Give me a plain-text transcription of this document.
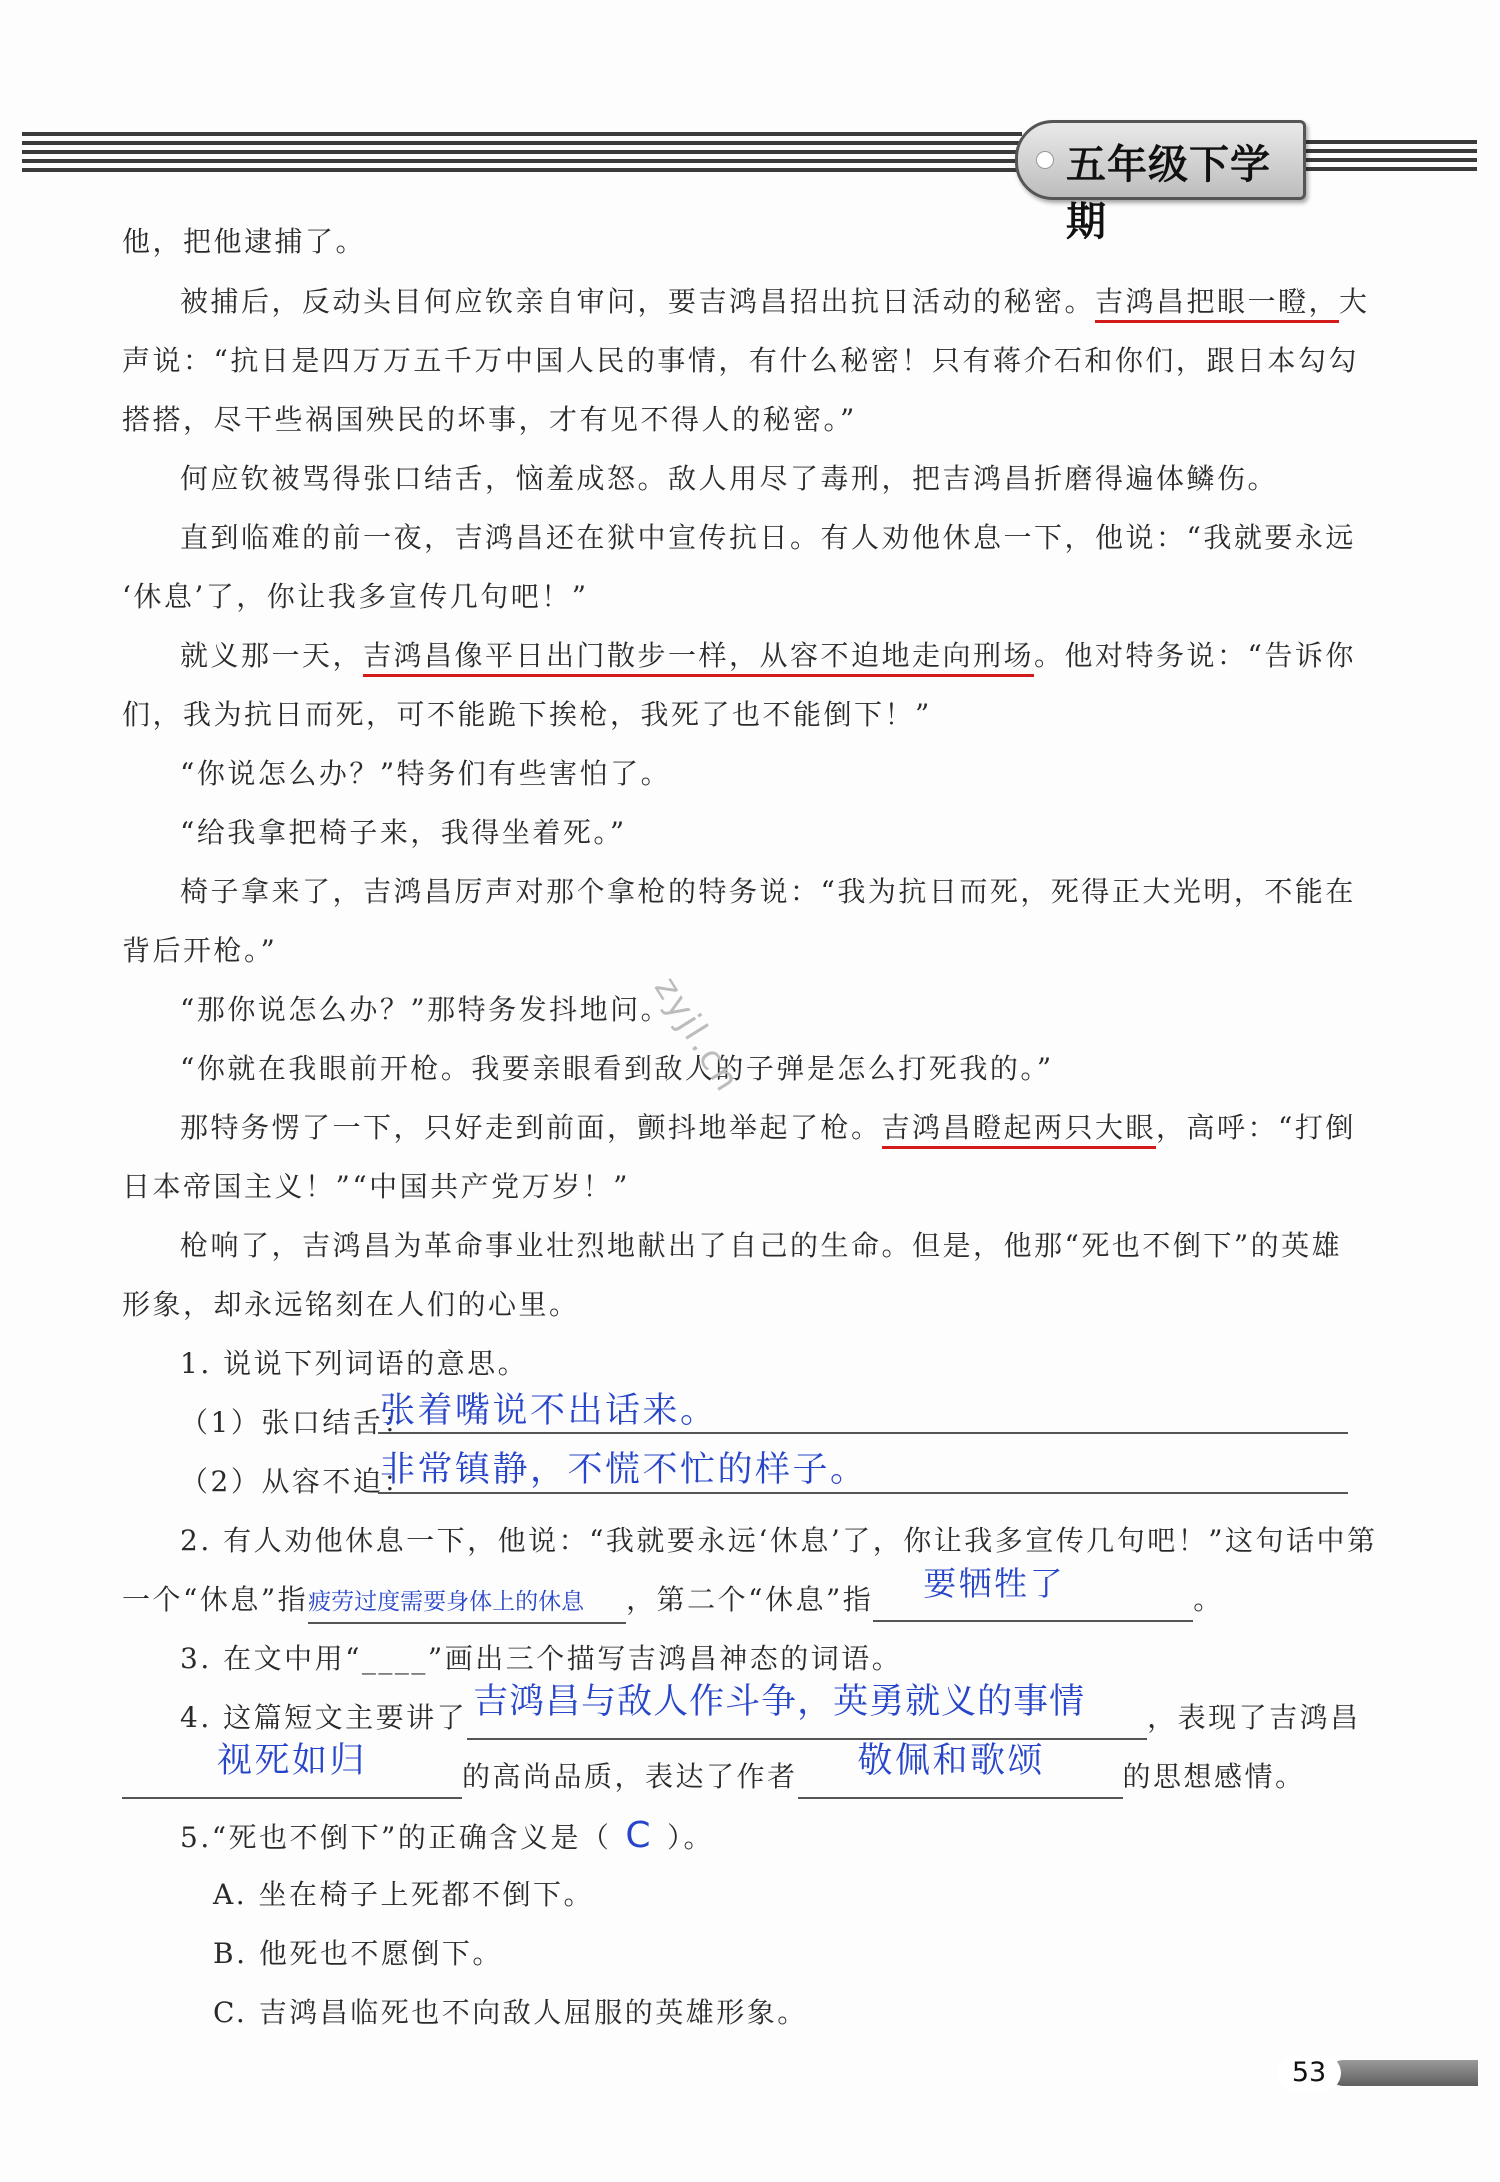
五年级下学期
他，把他逮捕了。
被捕后，反动头目何应钦亲自审问，要吉鸿昌招出抗日活动的秘密。吉鸿昌把眼一瞪，大
声说：“抗日是四万万五千万中国人民的事情，有什么秘密！只有蒋介石和你们，跟日本勾勾
搭搭，尽干些祸国殃民的坏事，才有见不得人的秘密。”
何应钦被骂得张口结舌，恼羞成怒。敌人用尽了毒刑，把吉鸿昌折磨得遍体鳞伤。
直到临难的前一夜，吉鸿昌还在狱中宣传抗日。有人劝他休息一下，他说：“我就要永远
‘休息’了，你让我多宣传几句吧！”
就义那一天，吉鸿昌像平日出门散步一样，从容不迫地走向刑场。他对特务说：“告诉你
们，我为抗日而死，可不能跪下挨枪，我死了也不能倒下！”
“你说怎么办？”特务们有些害怕了。
“给我拿把椅子来，我得坐着死。”
椅子拿来了，吉鸿昌厉声对那个拿枪的特务说：“我为抗日而死，死得正大光明，不能在
背后开枪。”
“那你说怎么办？”那特务发抖地问。
“你就在我眼前开枪。我要亲眼看到敌人的子弹是怎么打死我的。”
那特务愣了一下，只好走到前面，颤抖地举起了枪。吉鸿昌瞪起两只大眼，高呼：“打倒
日本帝国主义！”“中国共产党万岁！”
枪响了，吉鸿昌为革命事业壮烈地献出了自己的生命。但是，他那“死也不倒下”的英雄
形象，却永远铭刻在人们的心里。
zyjl.cn
1. 说说下列词语的意思。
（1）张口结舌：
张着嘴说不出话来。
（2）从容不迫：
非常镇静，不慌不忙的样子。
2. 有人劝他休息一下，他说：“我就要永远‘休息’了，你让我多宣传几句吧！”这句话中第
一个“休息”指疲劳过度需要身体上的休息 ，第二个“休息”指 要牺牲了	。
3. 在文中用“____”画出三个描写吉鸿昌神态的词语。
4. 这篇短文主要讲了 吉鸿昌与敌人作斗争，英勇就义的事情 ，表现了吉鸿昌
视死如归	的高尚品质，表达了作者 敬佩和歌颂	的思想感情。
5.“死也不倒下”的正确含义是（ C ）。
A. 坐在椅子上死都不倒下。
B. 他死也不愿倒下。
C. 吉鸿昌临死也不向敌人屈服的英雄形象。
53
